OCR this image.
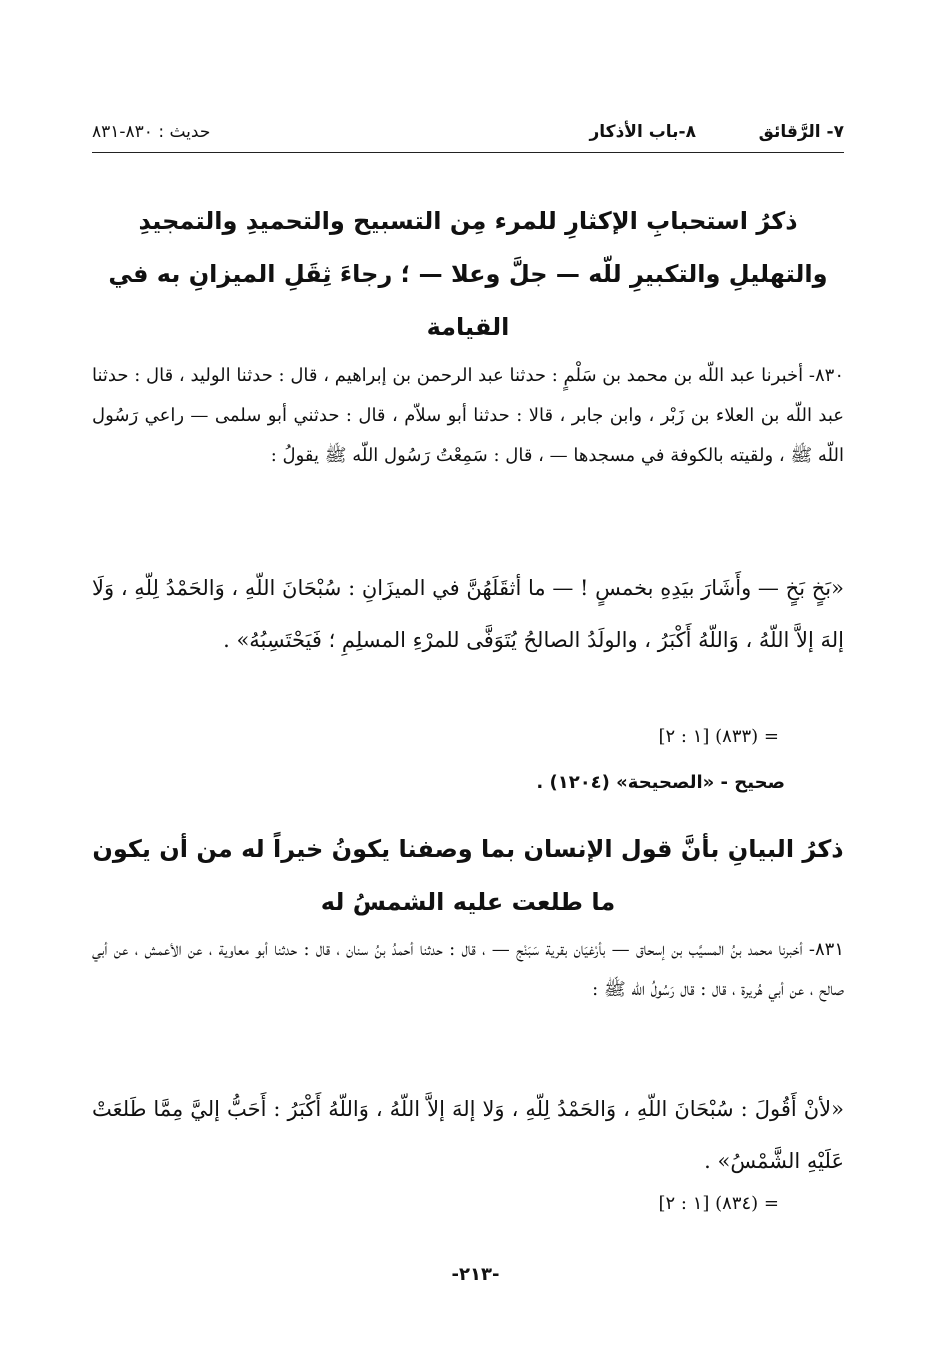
٧- الرَّقائق
٨-باب الأذكار
حديث : ٨٣٠-٨٣١
ذكرُ استحبابِ الإكثارِ للمرء مِن التسبيح والتحميدِ والتمجيدِ والتهليلِ والتكبيرِ للّه — جلَّ وعلا — ؛ رجاءَ ثِقَلِ الميزانِ به في القيامة
٨٣٠- أخبرنا عبد اللّه بن محمد بن سَلْمٍ : حدثنا عبد الرحمن بن إبراهيم ، قال : حدثنا الوليد ، قال : حدثنا عبد اللّه بن العلاء بن زَبْر ، وابن جابر ، قالا : حدثنا أبو سلاّم ، قال : حدثني أبو سلمى — راعي رَسُول اللّه ﷺ ، ولقيته بالكوفة في مسجدها — ، قال : سَمِعْتُ رَسُول اللّه ﷺ يقولُ :
«بَخٍ بَخٍ — وأَشَارَ بيَدِهِ بخمسٍ ! — ما أثقَلَهُنَّ في الميزَانِ : سُبْحَانَ اللّهِ ، وَالحَمْدُ لِلّهِ ، وَلَا إلهَ إلاَّ اللّهُ ، وَاللّهُ أَكْبَرُ ، والولَدُ الصالحُ يُتَوَفَّى للمرْءِ المسلِمِ ؛ فَيَحْتَسِبُهُ» .
= (٨٣٣) [١ : ٢]
صحيح - «الصحيحة» (١٢٠٤) .
ذكرُ البيانِ بأنَّ قول الإنسان بما وصفنا يكونُ خيراً له من أن يكون ما طلعت عليه الشمسُ له
٨٣١- أخبرنا محمد بنُ المسيَّب بن إسحاق — بأرْغيَان بقرية سَبَنْج — ، قال : حدثنا أحمدُ بنُ سنان ، قال : حدثنا أبو معاوية ، عن الأعمش ، عن أبي صالح ، عن أبي هُريرة ، قال : قال رَسُولُ اللّه ﷺ :
«لأنْ أَقُولَ : سُبْحَانَ اللّهِ ، وَالحَمْدُ لِلّهِ ، وَلا إلهَ إلاَّ اللّهُ ، وَاللّهُ أَكْبَرُ : أَحَبُّ إليَّ مِمَّا طَلعَتْ عَلَيْهِ الشَّمْسُ» .
= (٨٣٤) [١ : ٢]
-٢١٣-
